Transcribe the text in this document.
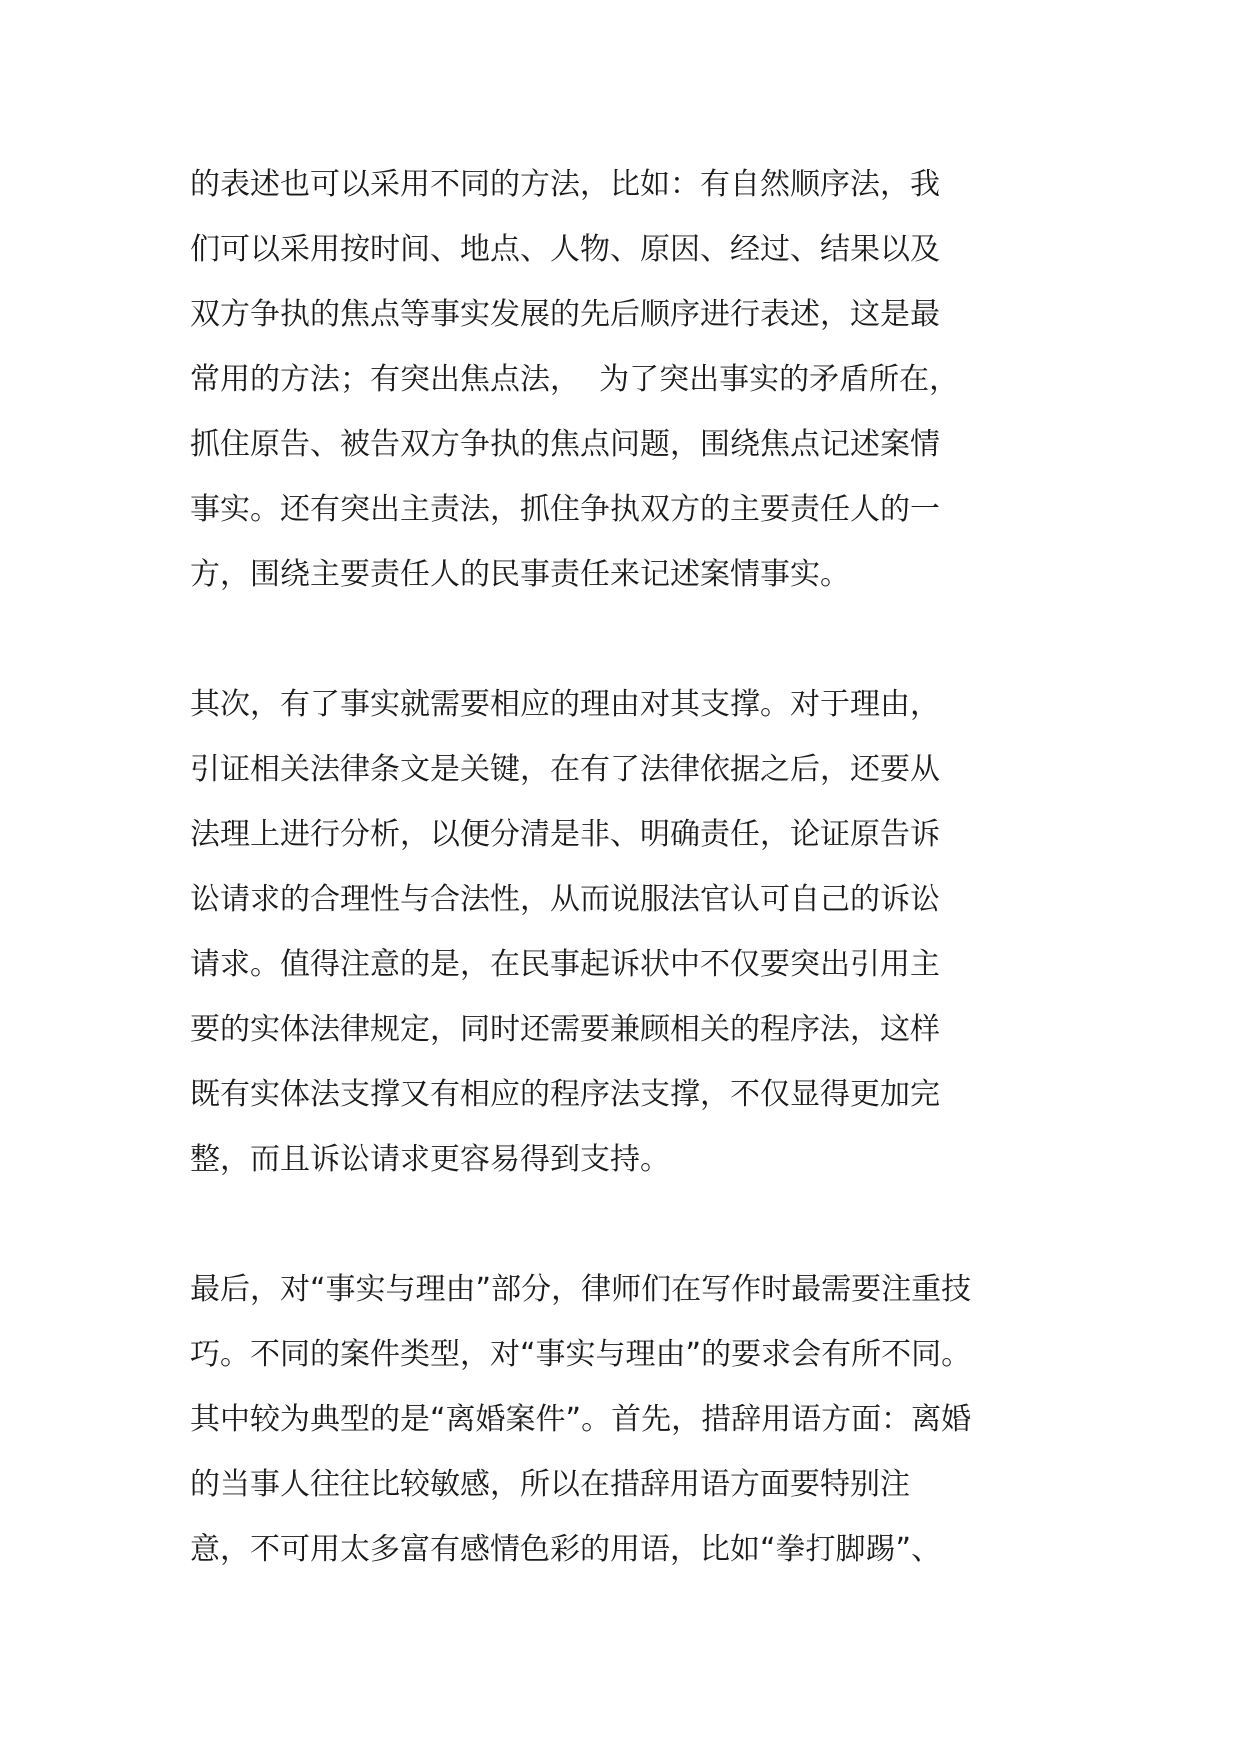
的表述也可以采用不同的方法，比如：有自然顺序法，我
们可以采用按时间、地点、人物、原因、经过、结果以及
双方争执的焦点等事实发展的先后顺序进行表述，这是最
常用的方法；有突出焦点法，  为了突出事实的矛盾所在，
抓住原告、被告双方争执的焦点问题，围绕焦点记述案情
事实。还有突出主责法，抓住争执双方的主要责任人的一
方，围绕主要责任人的民事责任来记述案情事实。
其次，有了事实就需要相应的理由对其支撑。对于理由，
引证相关法律条文是关键，在有了法律依据之后，还要从
法理上进行分析，以便分清是非、明确责任，论证原告诉
讼请求的合理性与合法性，从而说服法官认可自己的诉讼
请求。值得注意的是，在民事起诉状中不仅要突出引用主
要的实体法律规定，同时还需要兼顾相关的程序法，这样
既有实体法支撑又有相应的程序法支撑，不仅显得更加完
整，而且诉讼请求更容易得到支持。
最后，对“事实与理由”部分，律师们在写作时最需要注重技
巧。不同的案件类型，对“事实与理由”的要求会有所不同。
其中较为典型的是“离婚案件”。首先，措辞用语方面：离婚
的当事人往往比较敏感，所以在措辞用语方面要特别注
意，不可用太多富有感情色彩的用语，比如“拳打脚踢”、
